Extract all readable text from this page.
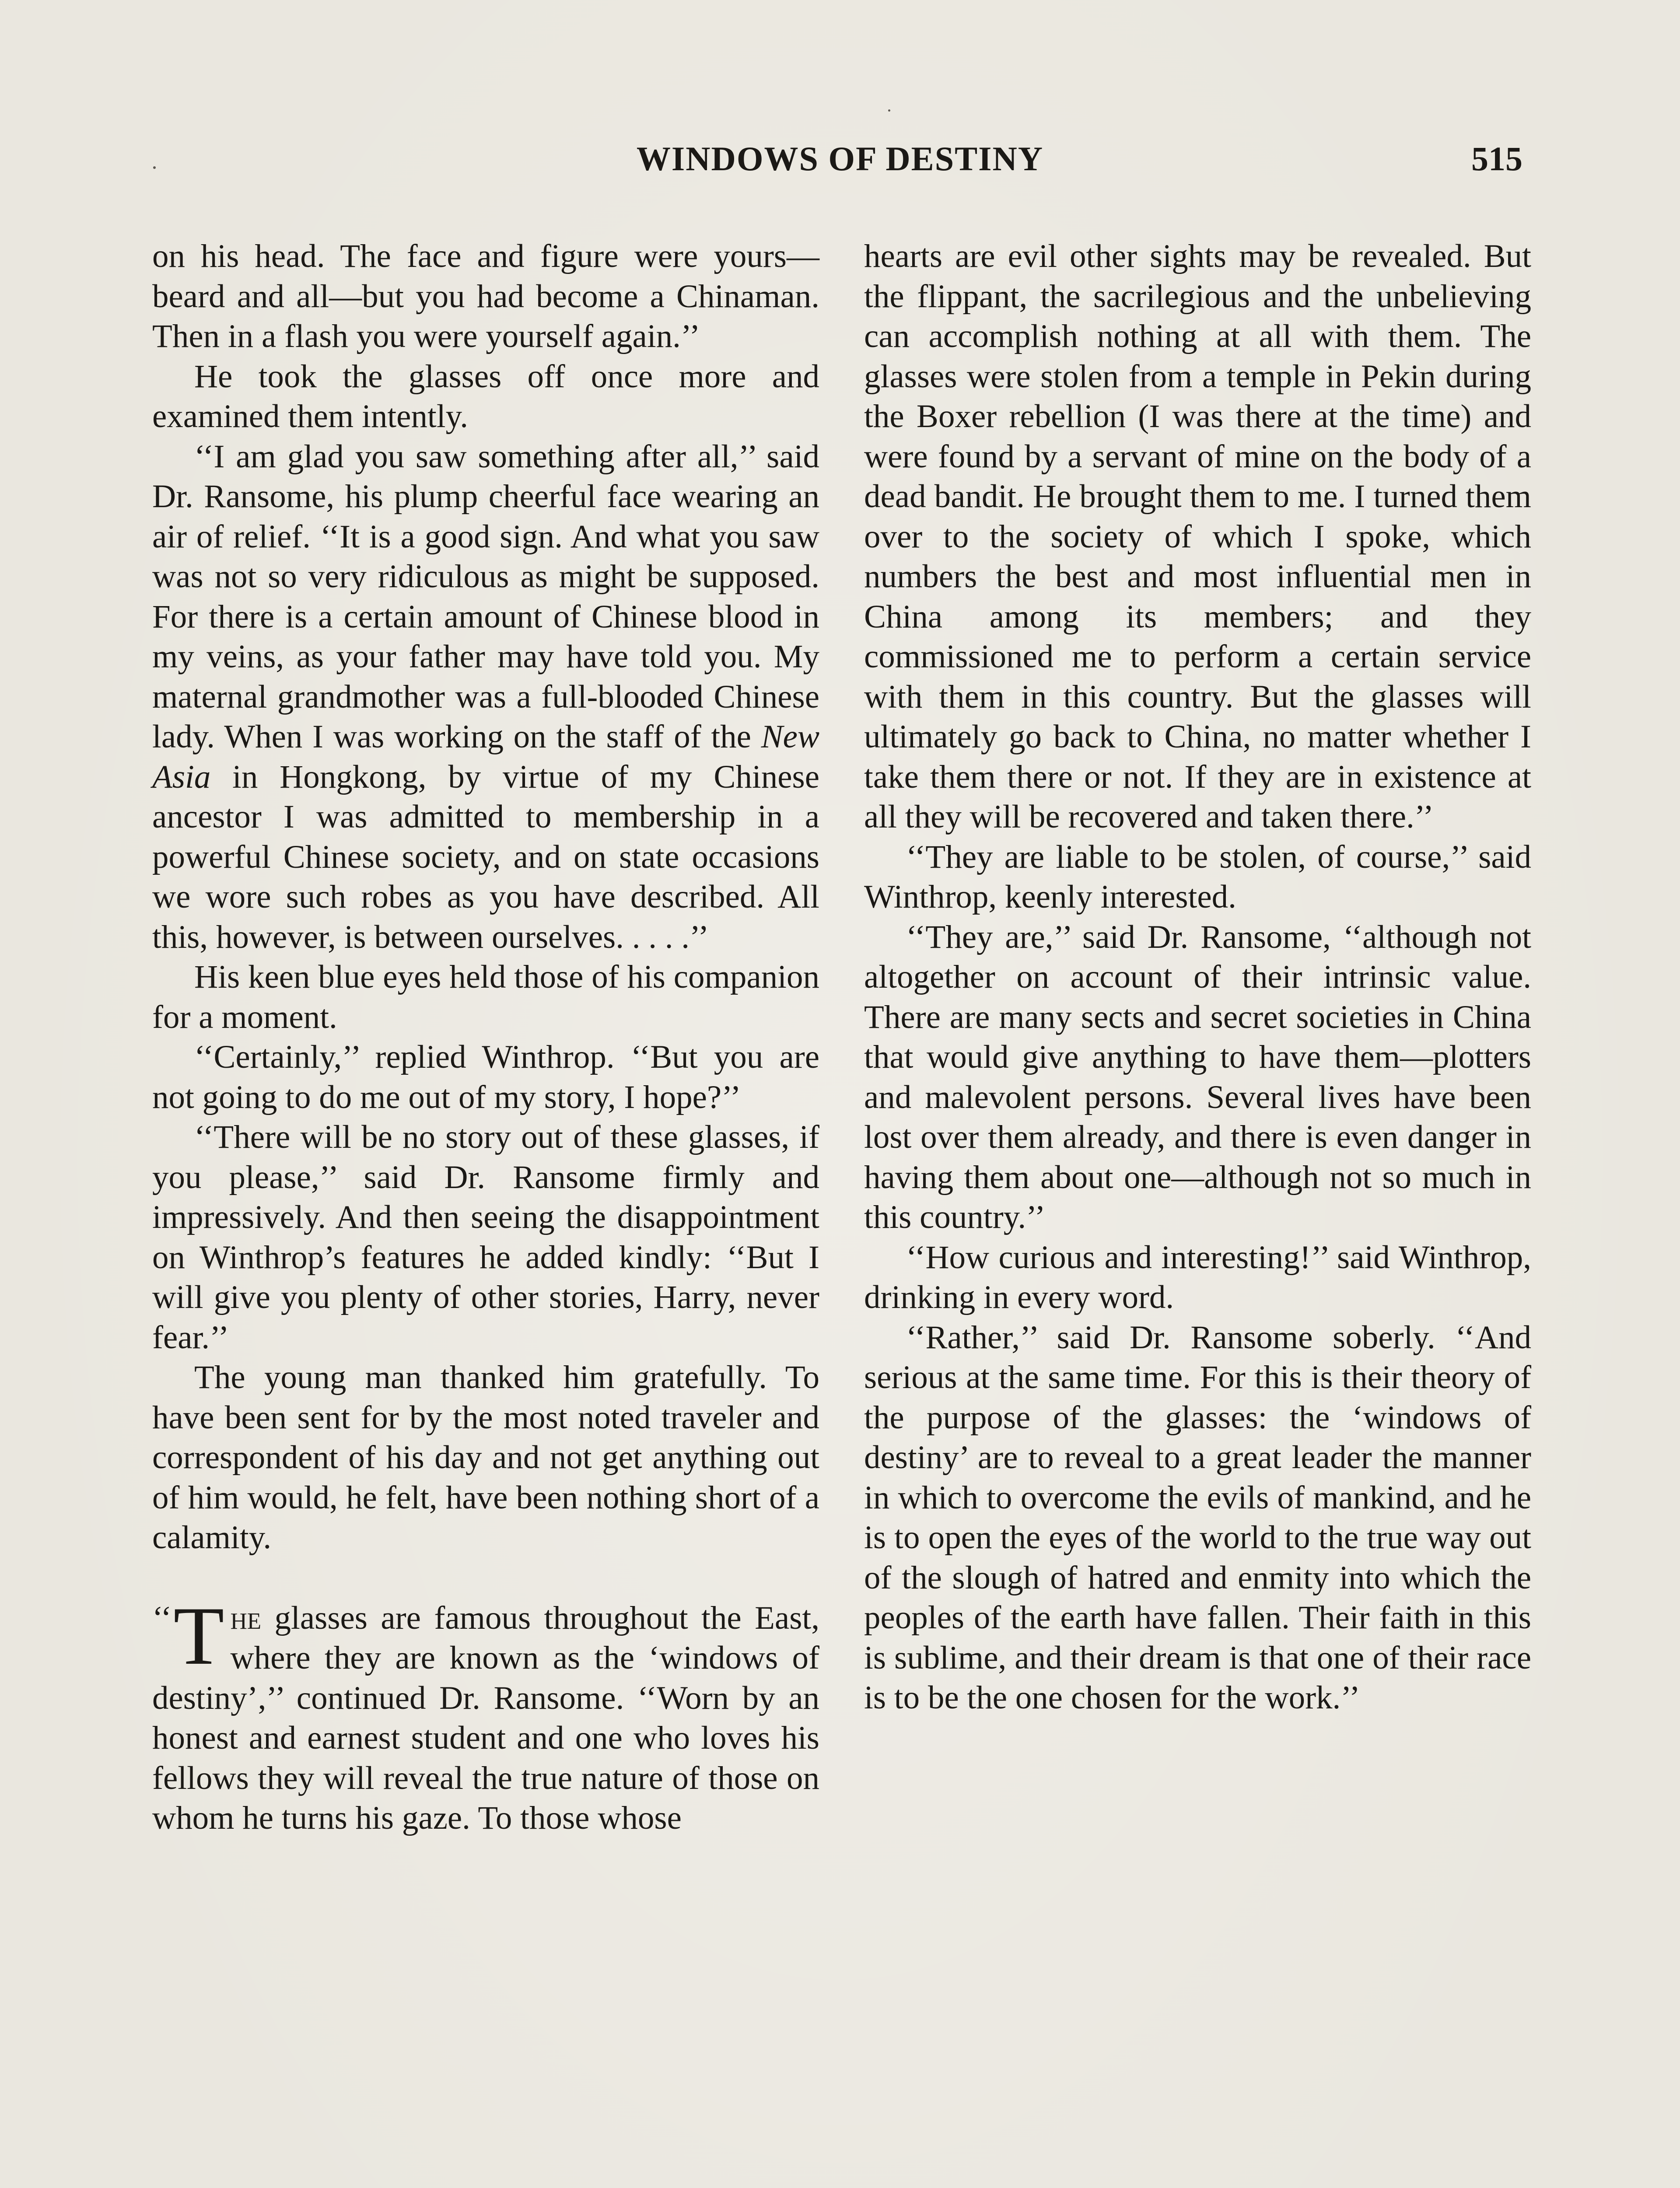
WINDOWS OF DESTINY	515

on his head. The face and figure were yours—beard and all—but you had become a Chinaman. Then in a flash you were yourself again.’’

He took the glasses off once more and examined them intently.

‘‘I am glad you saw something after all,’’ said Dr. Ransome, his plump cheerful face wearing an air of relief. ‘‘It is a good sign. And what you saw was not so very ridiculous as might be supposed. For there is a certain amount of Chinese blood in my veins, as your father may have told you. My maternal grandmother was a full-blooded Chinese lady. When I was working on the staff of the New Asia in Hongkong, by virtue of my Chinese ancestor I was admitted to membership in a powerful Chinese society, and on state occasions we wore such robes as you have described. All this, however, is between ourselves. . . . .’’

His keen blue eyes held those of his companion for a moment.

‘‘Certainly,’’ replied Winthrop. ‘‘But you are not going to do me out of my story, I hope?’’

‘‘There will be no story out of these glasses, if you please,’’ said Dr. Ransome firmly and impressively. And then seeing the disappointment on Winthrop’s features he added kindly: ‘‘But I will give you plenty of other stories, Harry, never fear.’’

The young man thanked him gratefully. To have been sent for by the most noted traveler and correspondent of his day and not get anything out of him would, he felt, have been nothing short of a calamity.

‘‘ T he glasses are famous throughout the East, where they are known as the ‘windows of destiny’,’’ continued Dr. Ransome. ‘‘Worn by an honest and earnest student and one who loves his fellows they will reveal the true nature of those on whom he turns his gaze. To those whose

hearts are evil other sights may be revealed. But the flippant, the sacrilegious and the unbelieving can accomplish nothing at all with them. The glasses were stolen from a temple in Pekin during the Boxer rebellion (I was there at the time) and were found by a servant of mine on the body of a dead bandit. He brought them to me. I turned them over to the society of which I spoke, which numbers the best and most influential men in China among its members; and they commissioned me to perform a certain service with them in this country. But the glasses will ultimately go back to China, no matter whether I take them there or not. If they are in existence at all they will be recovered and taken there.’’

‘‘They are liable to be stolen, of course,’’ said Winthrop, keenly interested.

‘‘They are,’’ said Dr. Ransome, ‘‘although not altogether on account of their intrinsic value. There are many sects and secret societies in China that would give anything to have them—plotters and malevolent persons. Several lives have been lost over them already, and there is even danger in having them about one—although not so much in this country.’’

‘‘How curious and interesting!’’ said Winthrop, drinking in every word.

‘‘Rather,’’ said Dr. Ransome soberly. ‘‘And serious at the same time. For this is their theory of the purpose of the glasses: the ‘windows of destiny’ are to reveal to a great leader the manner in which to overcome the evils of mankind, and he is to open the eyes of the world to the true way out of the slough of hatred and enmity into which the peoples of the earth have fallen. Their faith in this is sublime, and their dream is that one of their race is to be the one chosen for the work.’’
